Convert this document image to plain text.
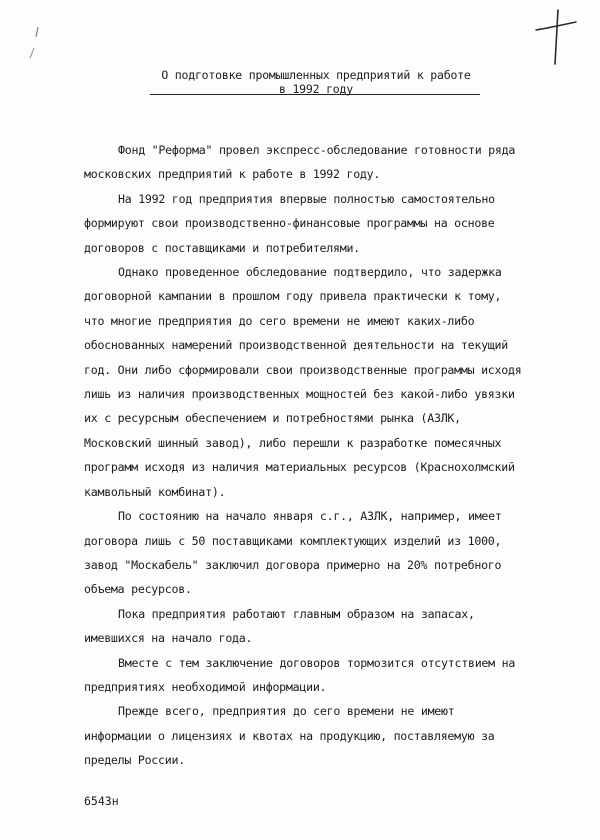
О подготовке промышленных предприятий к работе
в 1992 году
Фонд "Реформа" провел экспресс-обследование готовности ряда
московских предприятий к работе в 1992 году.
На 1992 год предприятия впервые полностью самостоятельно
формируют свои производственно-финансовые программы на основе
договоров с поставщиками и потребителями.
Однако проведенное обследование подтвердило, что задержка
договорной кампании в прошлом году привела практически к тому,
что многие предприятия до сего времени не имеют каких-либо
обоснованных намерений производственной деятельности на текущий
год. Они либо сформировали свои производственные программы исходя
лишь из наличия производственных мощностей без какой-либо увязки
их с ресурсным обеспечением и потребностями рынка (АЗЛК,
Московский шинный завод), либо перешли к разработке помесячных
программ исходя из наличия материальных ресурсов (Краснохолмский
камвольный комбинат).
По состоянию на начало января с.г., АЗЛК, например, имеет
договора лишь с 50 поставщиками комплектующих изделий из 1000,
завод "Москабель" заключил договора примерно на 20% потребного
объема ресурсов.
Пока предприятия работают главным образом на запасах,
имевшихся на начало года.
Вместе с тем заключение договоров тормозится отсутствием на
предприятиях необходимой информации.
Прежде всего, предприятия до сего времени не имеют
информации о лицензиях и квотах на продукцию, поставляемую за
пределы России.
6543н
